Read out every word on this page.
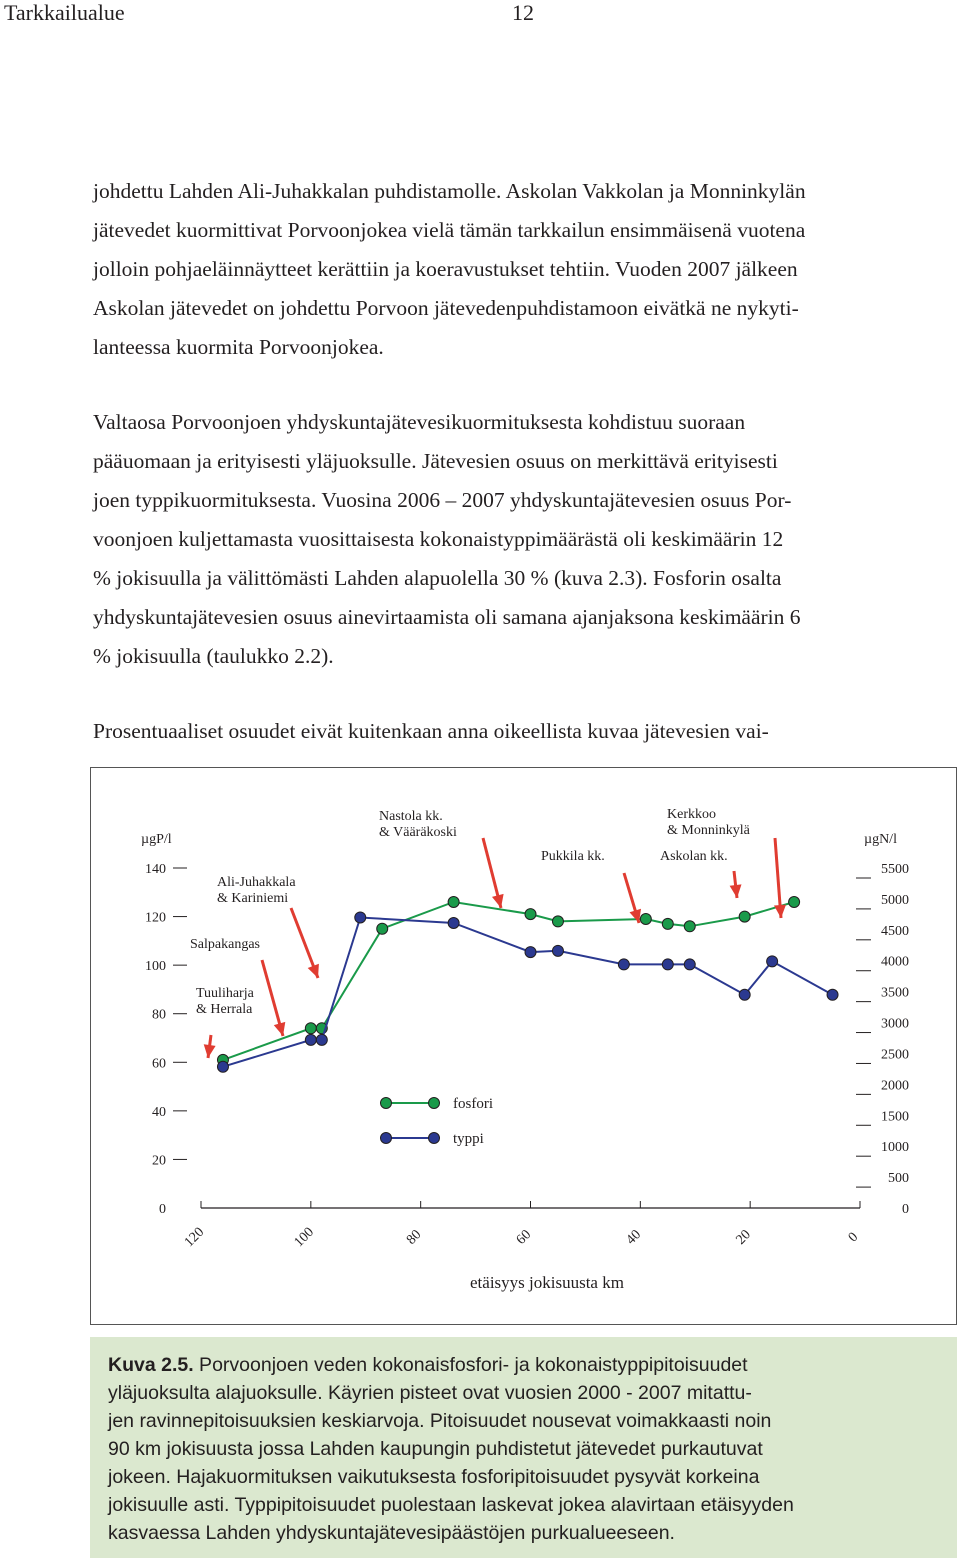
Tarkkailualue	12

johdettu Lahden Ali-Juhakkalan puhdistamolle. Askolan Vakkolan ja Monninkylän

jätevedet kuormittivat Porvoonjokea vielä tämän tarkkailun ensimmäisenä vuotena

jolloin pohjaeläinnäytteet kerättiin ja koeravustukset tehtiin. Vuoden 2007 jälkeen

Askolan jätevedet on johdettu Porvoon jätevedenpuhdistamoon eivätkä ne nykyti-

lanteessa kuormita Porvoonjokea.

Valtaosa Porvoonjoen yhdyskuntajätevesikuormituksesta kohdistuu suoraan

pääuomaan ja erityisesti yläjuoksulle. Jätevesien osuus on merkittävä erityisesti

joen typpikuormituksesta. Vuosina 2006 – 2007 yhdyskuntajätevesien osuus Por-

voonjoen kuljettamasta vuosittaisesta kokonaistyppimäärästä oli keskimäärin 12

% jokisuulla ja välittömästi Lahden alapuolella 30 % (kuva 2.3). Fosforin osalta

yhdyskuntajätevesien osuus ainevirtaamista oli samana ajanjaksona keskimäärin 6

% jokisuulla (taulukko 2.2).

Prosentuaaliset osuudet eivät kuitenkaan anna oikeellista kuvaa jätevesien vai-

120	100	80	60	40	20	0
etäisyys jokisuusta km
µgP/l
0
20
40
60
80
100
120
140
µgN/l
0
500
1000
1500
2000
2500
3000
3500
4000
4500
5000
5500
fosfori
typpi
Nastola kk.
& Vääräkoski
Kerkkoo
& Monninkylä
Pukkila kk.	Askolan kk.
Ali-Juhakkala
& Kariniemi
Salpakangas
Tuuliharja
& Herrala
Kuva 2.5. Porvoonjoen veden kokonaisfosfori- ja kokonaistyppipitoisuudet
yläjuoksulta alajuoksulle. Käyrien pisteet ovat vuosien 2000 - 2007 mitattu-
jen ravinnepitoisuuksien keskiarvoja. Pitoisuudet nousevat voimakkaasti noin
90 km jokisuusta jossa Lahden kaupungin puhdistetut jätevedet purkautuvat
jokeen. Hajakuormituksen vaikutuksesta fosforipitoisuudet pysyvät korkeina
jokisuulle asti. Typpipitoisuudet puolestaan laskevat jokea alavirtaan etäisyyden
kasvaessa Lahden yhdyskuntajätevesipäästöjen purkualueeseen.
